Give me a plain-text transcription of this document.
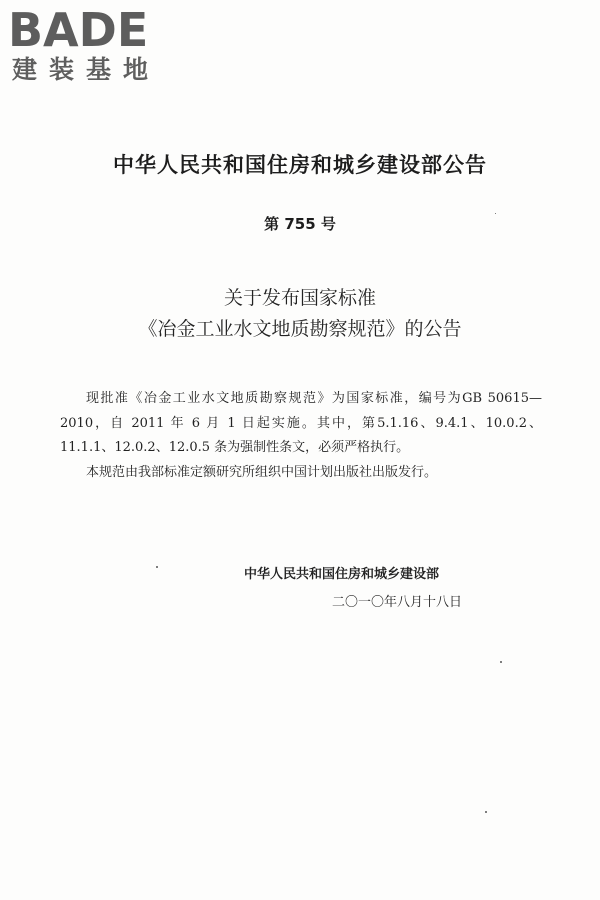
BADE
建装基地
中华人民共和国住房和城乡建设部公告
第 755 号
关于发布国家标准
《冶金工业水文地质勘察规范》的公告

现批准《冶金工业水文地质勘察规范》为国家标准，编号为GB 50615—2010，自 2011 年 6 月 1 日起实施。其中，第5.1.16、9.4.1、10.0.2、11.1.1、12.0.2、12.0.5 条为强制性条文，必须严格执行。

本规范由我部标准定额研究所组织中国计划出版社出版发行。

中华人民共和国住房和城乡建设部
二〇一〇年八月十八日
